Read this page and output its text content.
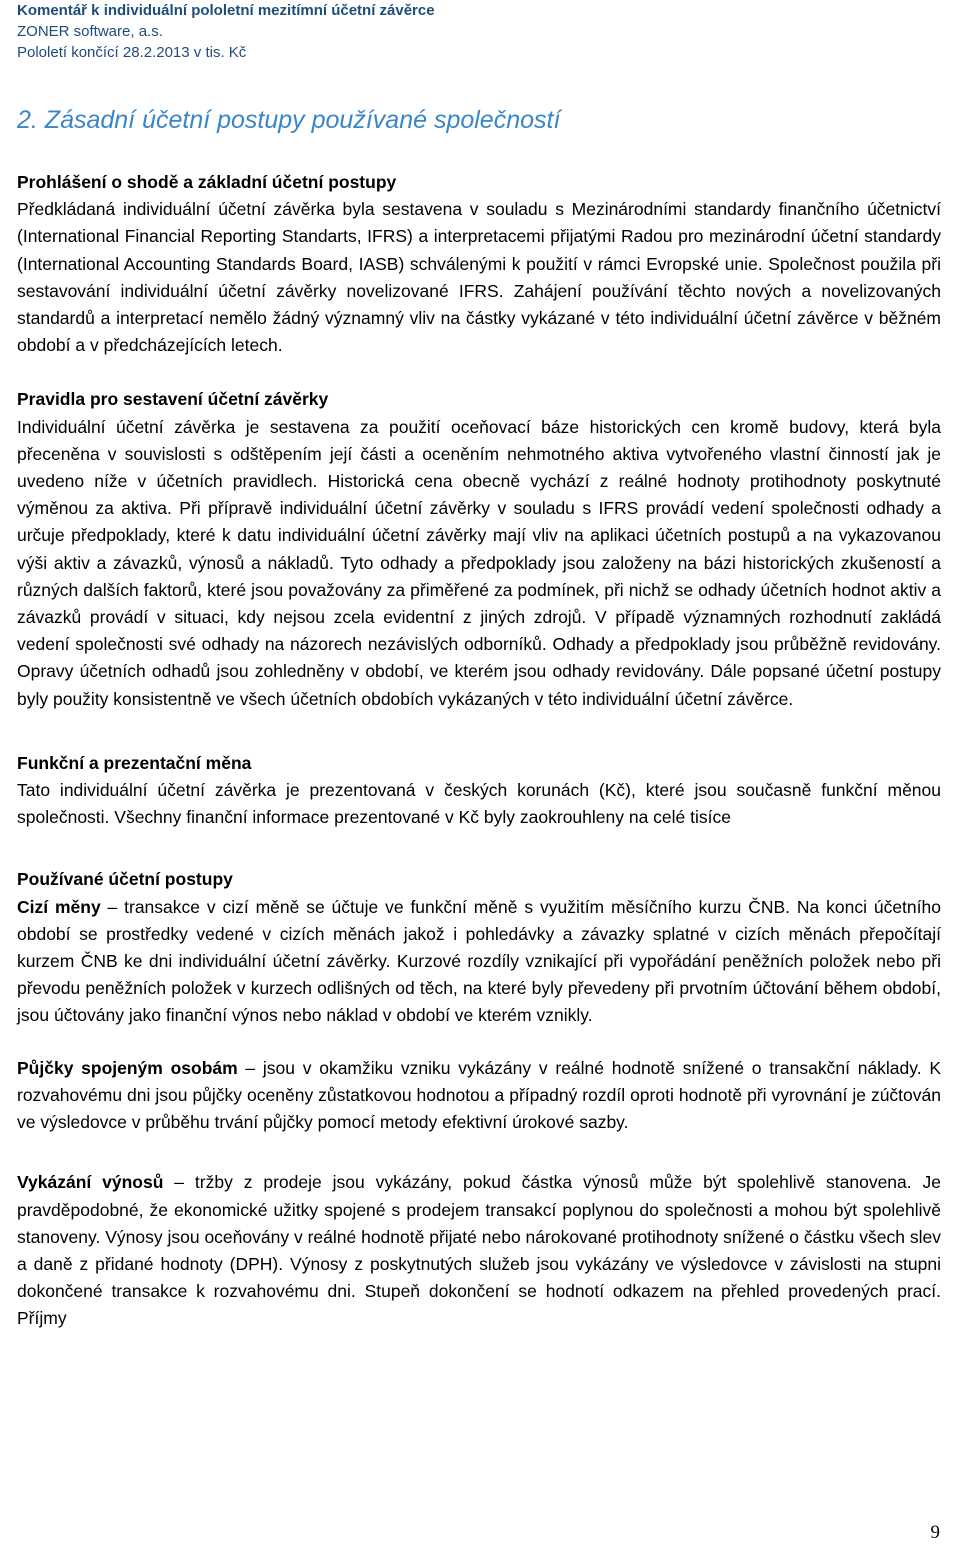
Komentář k individuální pololetní mezitímní účetní závěrce
ZONER software, a.s.
Pololetí končící 28.2.2013 v tis. Kč
2. Zásadní účetní postupy používané společností
Prohlášení o shodě a základní účetní postupy

Předkládaná individuální účetní závěrka byla sestavena v souladu s Mezinárodními standardy finančního účetnictví (International Financial Reporting Standarts, IFRS) a interpretacemi přijatými Radou pro mezinárodní účetní standardy (International Accounting Standards Board, IASB) schválenými k použití v rámci Evropské unie. Společnost použila při sestavování individuální účetní závěrky novelizované IFRS. Zahájení používání těchto nových a novelizovaných standardů a interpretací nemělo žádný významný vliv na částky vykázané v této individuální účetní závěrce v běžném období a v předcházejících letech.

Pravidla pro sestavení účetní závěrky

Individuální účetní závěrka je sestavena za použití oceňovací báze historických cen kromě budovy, která byla přeceněna v souvislosti s odštěpením její části a oceněním nehmotného aktiva vytvořeného vlastní činností jak je uvedeno níže v účetních pravidlech. Historická cena obecně vychází z reálné hodnoty protihodnoty poskytnuté výměnou za aktiva. Při přípravě individuální účetní závěrky v souladu s IFRS provádí vedení společnosti odhady a určuje předpoklady, které k datu individuální účetní závěrky mají vliv na aplikaci účetních postupů a na vykazovanou výši aktiv a závazků, výnosů a nákladů. Tyto odhady a předpoklady jsou založeny na bázi historických zkušeností a různých dalších faktorů, které jsou považovány za přiměřené za podmínek, při nichž se odhady účetních hodnot aktiv a závazků provádí v situaci, kdy nejsou zcela evidentní z jiných zdrojů. V případě významných rozhodnutí zakládá vedení společnosti své odhady na názorech nezávislých odborníků. Odhady a předpoklady jsou průběžně revidovány. Opravy účetních odhadů jsou zohledněny v období, ve kterém jsou odhady revidovány. Dále popsané účetní postupy byly použity konsistentně ve všech účetních obdobích vykázaných v této individuální účetní závěrce.

Funkční a prezentační měna

Tato individuální účetní závěrka je prezentovaná v českých korunách (Kč), které jsou současně funkční měnou společnosti. Všechny finanční informace prezentované v Kč byly zaokrouhleny na celé tisíce

Používané účetní postupy

Cizí měny – transakce v cizí měně se účtuje ve funkční měně s využitím měsíčního kurzu ČNB. Na konci účetního období se prostředky vedené v cizích měnách jakož i pohledávky a závazky splatné v cizích měnách přepočítají kurzem ČNB ke dni individuální účetní závěrky. Kurzové rozdíly vznikající při vypořádání peněžních položek nebo při převodu peněžních položek v kurzech odlišných od těch, na které byly převedeny při prvotním účtování během období, jsou účtovány jako finanční výnos nebo náklad v období ve kterém vznikly.

Půjčky spojeným osobám – jsou v okamžiku vzniku vykázány v reálné hodnotě snížené o transakční náklady. K rozvahovému dni jsou půjčky oceněny zůstatkovou hodnotou a případný rozdíl oproti hodnotě při vyrovnání je zúčtován ve výsledovce v průběhu trvání půjčky pomocí metody efektivní úrokové sazby.

Vykázání výnosů – tržby z prodeje jsou vykázány, pokud částka výnosů může být spolehlivě stanovena. Je pravděpodobné, že ekonomické užitky spojené s prodejem transakcí poplynou do společnosti a mohou být spolehlivě stanoveny. Výnosy jsou oceňovány v reálné hodnotě přijaté nebo nárokované protihodnoty snížené o částku všech slev a daně z přidané hodnoty (DPH). Výnosy z poskytnutých služeb jsou vykázány ve výsledovce v závislosti na stupni dokončené transakce k rozvahovému dni. Stupeň dokončení se hodnotí odkazem na přehled provedených prací. Příjmy

9
